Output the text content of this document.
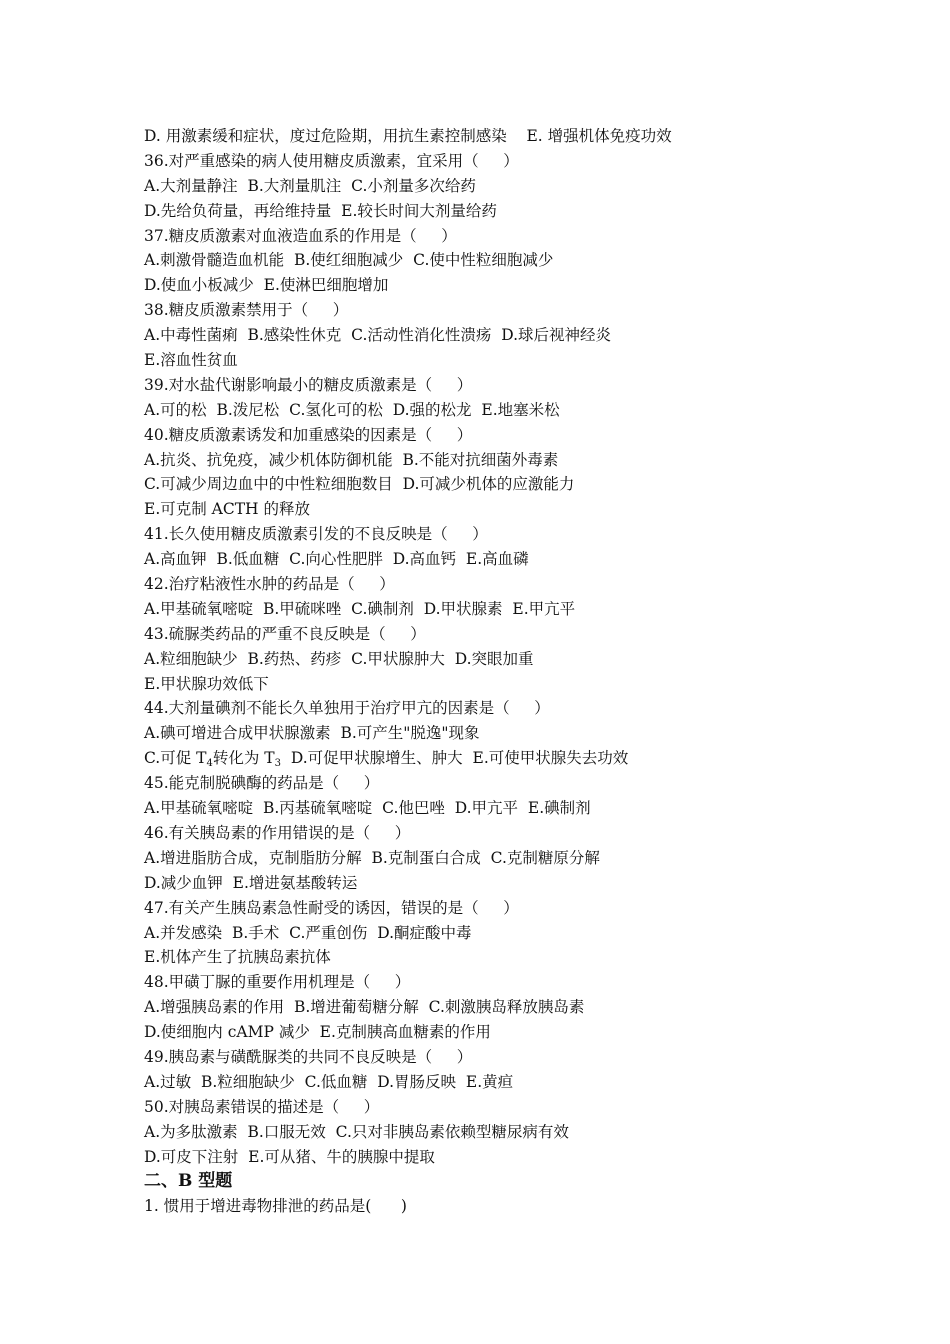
D. 用激素缓和症状，度过危险期，用抗生素控制感染    E. 增强机体免疫功效
36.对严重感染的病人使用糖皮质激素，宜采用（     ）
A.大剂量静注  B.大剂量肌注  C.小剂量多次给药
D.先给负荷量，再给维持量  E.较长时间大剂量给药
37.糖皮质激素对血液造血系的作用是（     ）
A.刺激骨髓造血机能  B.使红细胞减少  C.使中性粒细胞减少
D.使血小板减少  E.使淋巴细胞增加
38.糖皮质激素禁用于（     ）
A.中毒性菌痢  B.感染性休克  C.活动性消化性溃疡  D.球后视神经炎
E.溶血性贫血
39.对水盐代谢影响最小的糖皮质激素是（     ）
A.可的松  B.泼尼松  C.氢化可的松  D.强的松龙  E.地塞米松
40.糖皮质激素诱发和加重感染的因素是（     ）
A.抗炎、抗免疫，减少机体防御机能  B.不能对抗细菌外毒素
C.可减少周边血中的中性粒细胞数目  D.可减少机体的应激能力
E.可克制 ACTH 的释放
41.长久使用糖皮质激素引发的不良反映是（     ）
A.高血钾  B.低血糖  C.向心性肥胖  D.高血钙  E.高血磷
42.治疗粘液性水肿的药品是（     ）
A.甲基硫氧嘧啶  B.甲硫咪唑  C.碘制剂  D.甲状腺素  E.甲亢平
43.硫脲类药品的严重不良反映是（     ）
A.粒细胞缺少  B.药热、药疹  C.甲状腺肿大  D.突眼加重
E.甲状腺功效低下
44.大剂量碘剂不能长久单独用于治疗甲亢的因素是（     ）
A.碘可增进合成甲状腺激素  B.可产生"脱逸"现象
C.可促 $T_4$转化为 $T_3$  D.可促甲状腺增生、肿大  E.可使甲状腺失去功效
45.能克制脱碘酶的药品是（     ）
A.甲基硫氧嘧啶  B.丙基硫氧嘧啶  C.他巴唑  D.甲亢平  E.碘制剂
46.有关胰岛素的作用错误的是（     ）
A.增进脂肪合成，克制脂肪分解  B.克制蛋白合成  C.克制糖原分解
D.减少血钾  E.增进氨基酸转运
47.有关产生胰岛素急性耐受的诱因，错误的是（     ）
A.并发感染  B.手术  C.严重创伤  D.酮症酸中毒
E.机体产生了抗胰岛素抗体
48.甲磺丁脲的重要作用机理是（     ）
A.增强胰岛素的作用  B.增进葡萄糖分解  C.刺激胰岛释放胰岛素
D.使细胞内 cAMP 减少  E.克制胰高血糖素的作用
49.胰岛素与磺酰脲类的共同不良反映是（     ）
A.过敏  B.粒细胞缺少  C.低血糖  D.胃肠反映  E.黄疸
50.对胰岛素错误的描述是（     ）
A.为多肽激素  B.口服无效  C.只对非胰岛素依赖型糖尿病有效
D.可皮下注射  E.可从猪、牛的胰腺中提取
二、B 型题
1. 惯用于增进毒物排泄的药品是(      )
